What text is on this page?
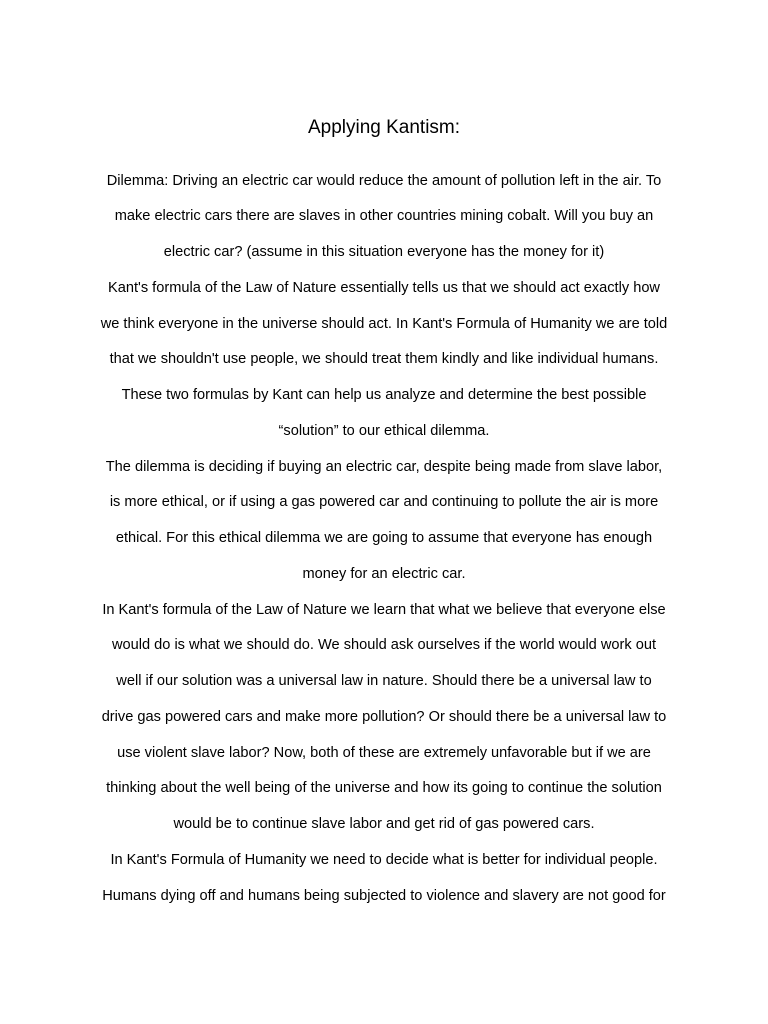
Applying Kantism:
Dilemma: Driving an electric car would reduce the amount of pollution left in the air. To
make electric cars there are slaves in other countries mining cobalt. Will you buy an
electric car? (assume in this situation everyone has the money for it)
Kant's formula of the Law of Nature essentially tells us that we should act exactly how
we think everyone in the universe should act. In Kant's Formula of Humanity we are told
that we shouldn't use people, we should treat them kindly and like individual humans.
These two formulas by Kant can help us analyze and determine the best possible
“solution” to our ethical dilemma.
The dilemma is deciding if buying an electric car, despite being made from slave labor,
is more ethical, or if using a gas powered car and continuing to pollute the air is more
ethical. For this ethical dilemma we are going to assume that everyone has enough
money for an electric car.
In Kant's formula of the Law of Nature we learn that what we believe that everyone else
would do is what we should do. We should ask ourselves if the world would work out
well if our solution was a universal law in nature. Should there be a universal law to
drive gas powered cars and make more pollution? Or should there be a universal law to
use violent slave labor? Now, both of these are extremely unfavorable but if we are
thinking about the well being of the universe and how its going to continue the solution
would be to continue slave labor and get rid of gas powered cars.
In Kant's Formula of Humanity we need to decide what is better for individual people.
Humans dying off and humans being subjected to violence and slavery are not good for
